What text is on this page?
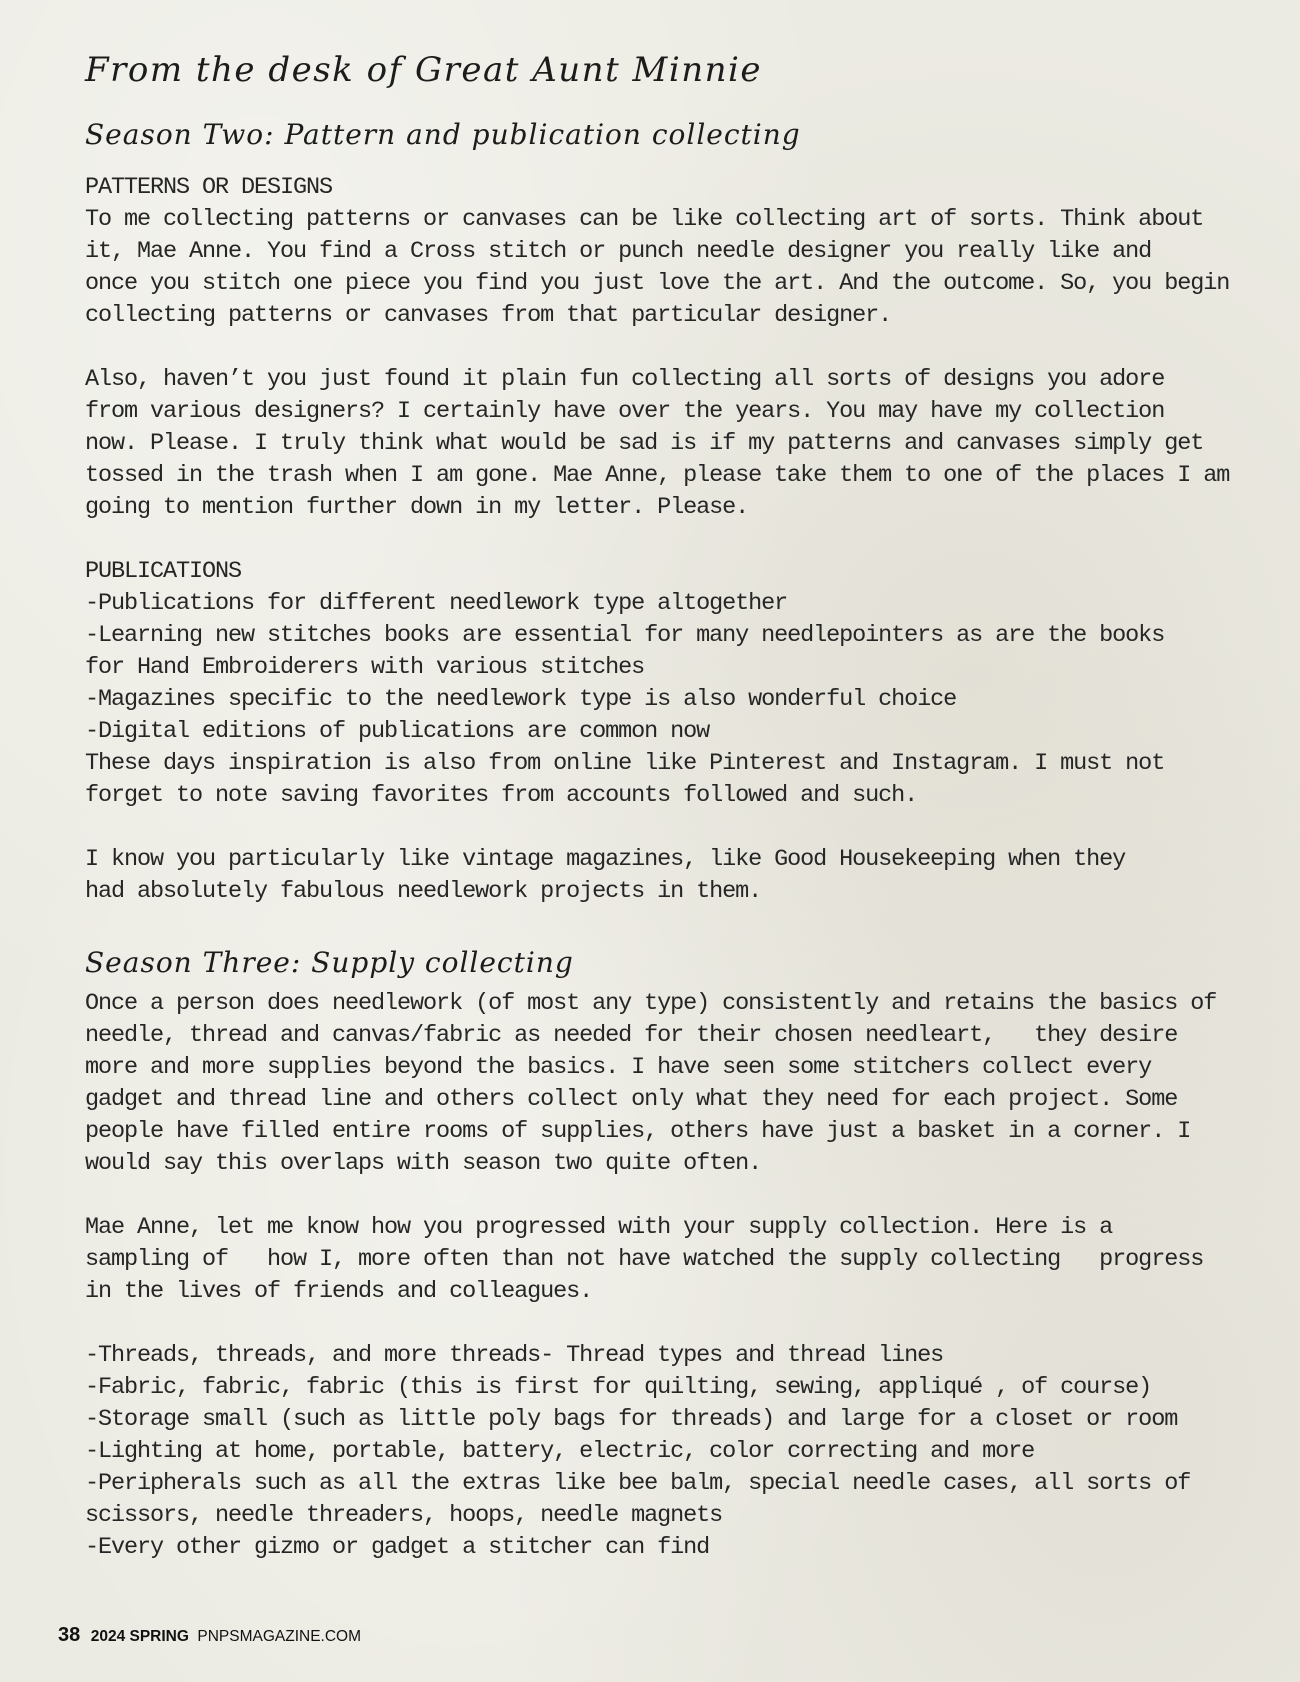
From the desk of Great Aunt Minnie
Season Two: Pattern and publication collecting
PATTERNS OR DESIGNS
To me collecting patterns or canvases can be like collecting art of sorts. Think about
it, Mae Anne. You find a Cross stitch or punch needle designer you really like and
once you stitch one piece you find you just love the art. And the outcome. So, you begin
collecting patterns or canvases from that particular designer.
Also, haven’t you just found it plain fun collecting all sorts of designs you adore
from various designers? I certainly have over the years. You may have my collection
now. Please. I truly think what would be sad is if my patterns and canvases simply get
tossed in the trash when I am gone. Mae Anne, please take them to one of the places I am
going to mention further down in my letter. Please.
PUBLICATIONS
-Publications for different needlework type altogether
-Learning new stitches books are essential for many needlepointers as are the books
for Hand Embroiderers with various stitches
-Magazines specific to the needlework type is also wonderful choice
-Digital editions of publications are common now
These days inspiration is also from online like Pinterest and Instagram. I must not
forget to note saving favorites from accounts followed and such.
I know you particularly like vintage magazines, like Good Housekeeping when they
had absolutely fabulous needlework projects in them.
Season Three: Supply collecting
Once a person does needlework (of most any type) consistently and retains the basics of
needle, thread and canvas/fabric as needed for their chosen needleart,   they desire
more and more supplies beyond the basics. I have seen some stitchers collect every
gadget and thread line and others collect only what they need for each project. Some
people have filled entire rooms of supplies, others have just a basket in a corner. I
would say this overlaps with season two quite often.
Mae Anne, let me know how you progressed with your supply collection. Here is a
sampling of   how I, more often than not have watched the supply collecting   progress
in the lives of friends and colleagues.
-Threads, threads, and more threads- Thread types and thread lines
-Fabric, fabric, fabric (this is first for quilting, sewing, appliqué , of course)
-Storage small (such as little poly bags for threads) and large for a closet or room
-Lighting at home, portable, battery, electric, color correcting and more
-Peripherals such as all the extras like bee balm, special needle cases, all sorts of
scissors, needle threaders, hoops, needle magnets
-Every other gizmo or gadget a stitcher can find
38 2024 SPRING PNPSMAGAZINE.COM
